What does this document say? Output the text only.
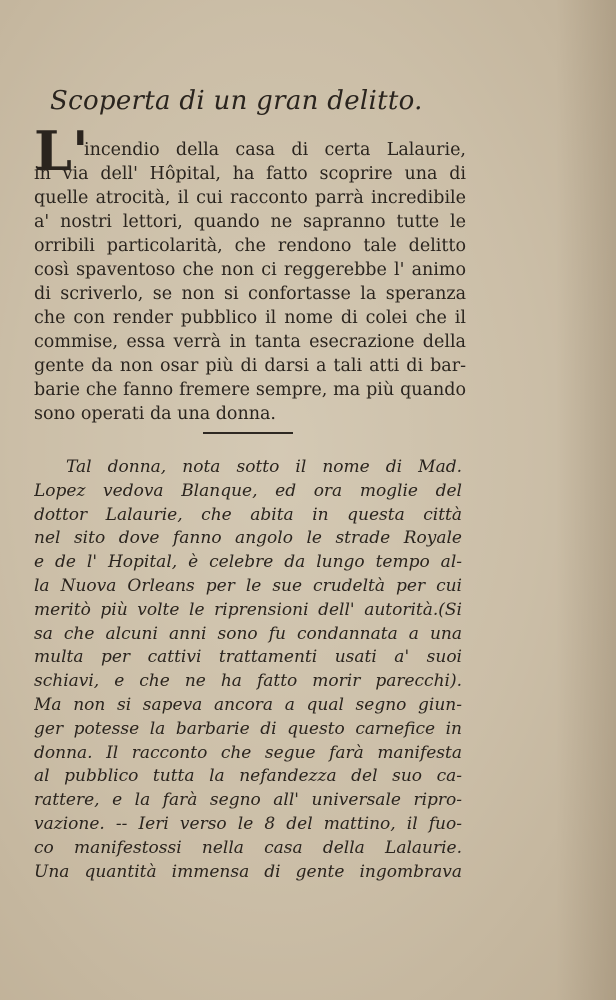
Scoperta di un gran delitto.
L'
incendio della casa di certa Lalaurie,
in via dell' Hôpital, ha fatto scoprire una di
quelle atrocità, il cui racconto parrà incredibile
a' nostri lettori, quando ne sapranno tutte le
orribili particolarità, che rendono tale delitto
così spaventoso che non ci reggerebbe l' animo
di scriverlo, se non si confortasse la speranza
che con render pubblico il nome di colei che il
commise, essa verrà in tanta esecrazione della
gente da non osar più di darsi a tali atti di bar-
barie che fanno fremere sempre, ma più quando
sono operati da una donna.
Tal donna, nota sotto il nome di Mad.
Lopez vedova Blanque, ed ora moglie del
dottor Lalaurie, che abita in questa città
nel sito dove fanno angolo le strade Royale
e de l' Hopital, è celebre da lungo tempo al-
la Nuova Orleans per le sue crudeltà per cui
meritò più volte le riprensioni dell' autorità.(Si
sa che alcuni anni sono fu condannata a una
multa per cattivi trattamenti usati a' suoi
schiavi, e che ne ha fatto morir parecchi).
Ma non si sapeva ancora a qual segno giun-
ger potesse la barbarie di questo carnefice in
donna. Il racconto che segue farà manifesta
al pubblico tutta la nefandezza del suo ca-
rattere, e la farà segno all' universale ripro-
vazione. -- Ieri verso le 8 del mattino, il fuo-
co manifestossi nella casa della Lalaurie.
Una quantità immensa di gente ingombrava
